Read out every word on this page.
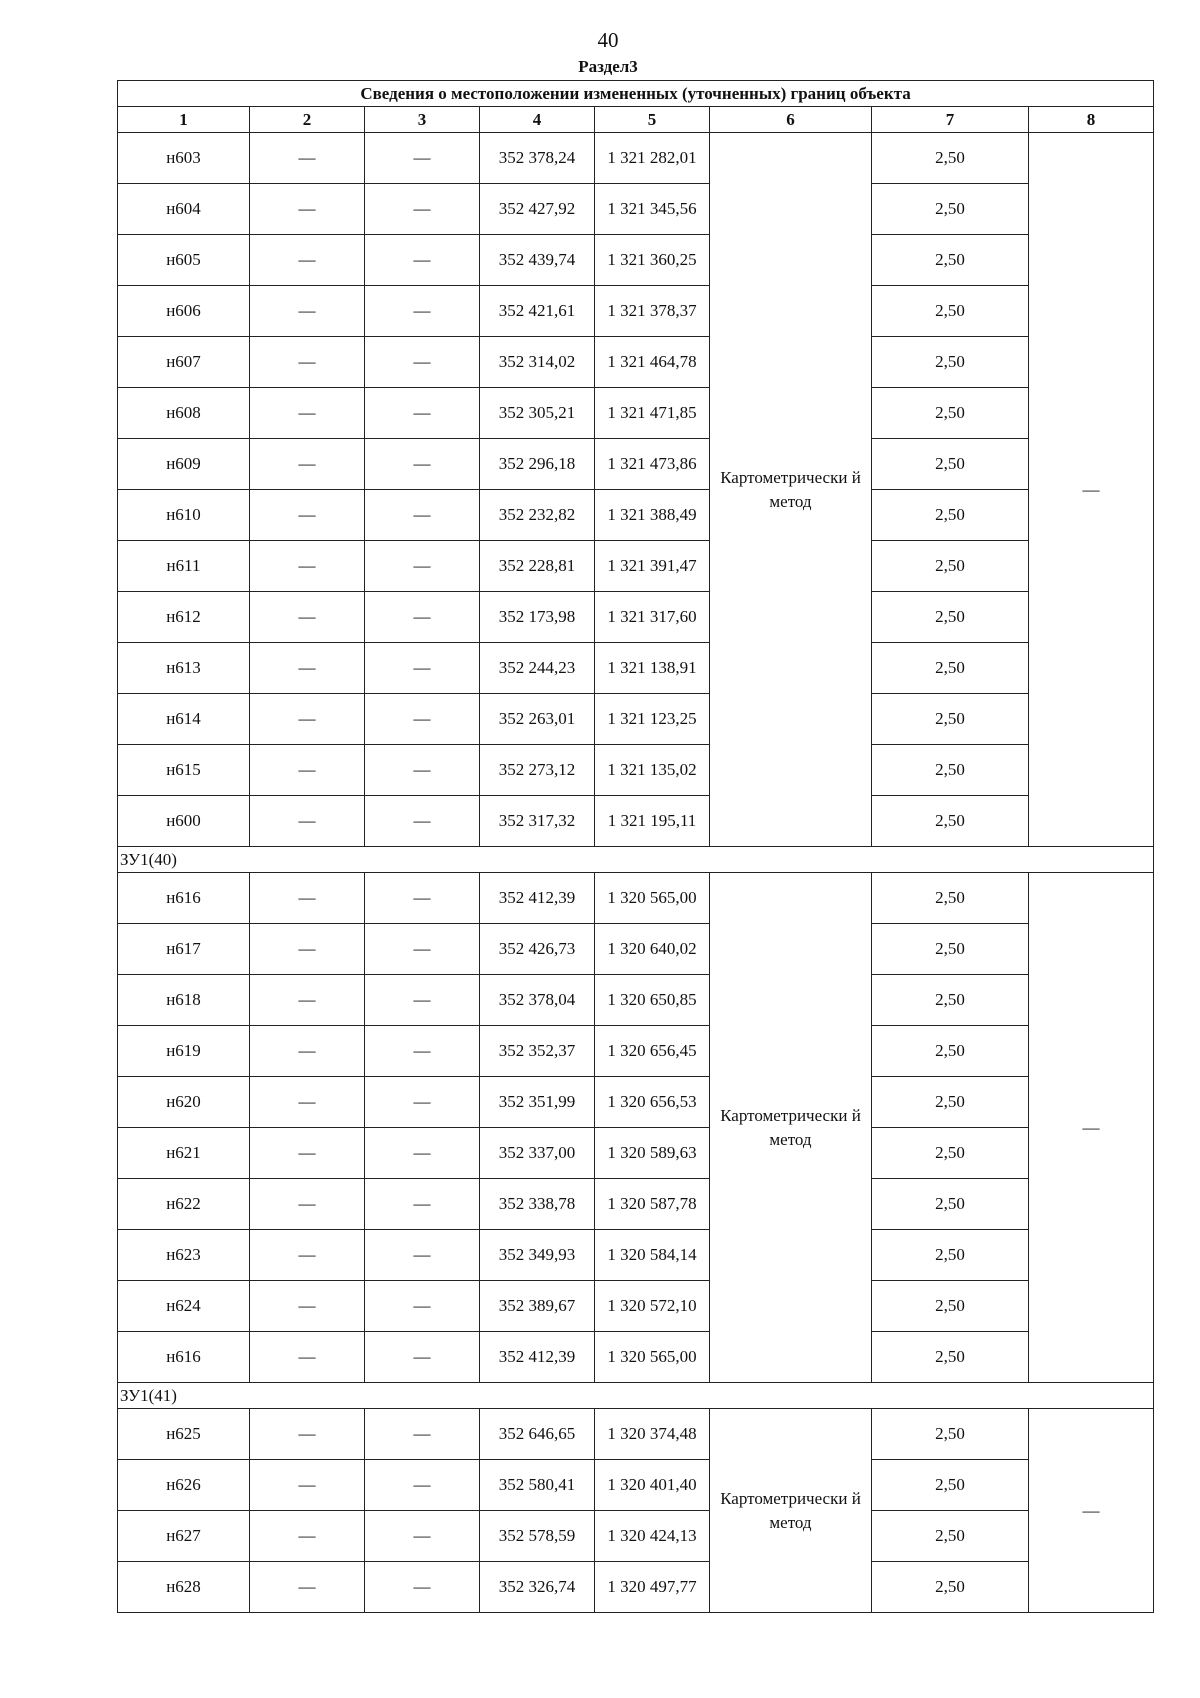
40
Раздел3
Сведения о местоположении измененных (уточненных) границ объекта							
1	2	3	4	5	6	7	8
н603	—	—	352 378,24	1 321 282,01	Картометрически й метод	2,50	—
н604	—	—	352 427,92	1 321 345,56		2,50	
н605	—	—	352 439,74	1 321 360,25		2,50	
н606	—	—	352 421,61	1 321 378,37		2,50	
н607	—	—	352 314,02	1 321 464,78		2,50	
н608	—	—	352 305,21	1 321 471,85		2,50	
н609	—	—	352 296,18	1 321 473,86		2,50	
н610	—	—	352 232,82	1 321 388,49		2,50	
н611	—	—	352 228,81	1 321 391,47		2,50	
н612	—	—	352 173,98	1 321 317,60		2,50	
н613	—	—	352 244,23	1 321 138,91		2,50	
н614	—	—	352 263,01	1 321 123,25		2,50	
н615	—	—	352 273,12	1 321 135,02		2,50	
н600	—	—	352 317,32	1 321 195,11		2,50	
ЗУ1(40)							
н616	—	—	352 412,39	1 320 565,00	Картометрически й метод	2,50	—
н617	—	—	352 426,73	1 320 640,02		2,50	
н618	—	—	352 378,04	1 320 650,85		2,50	
н619	—	—	352 352,37	1 320 656,45		2,50	
н620	—	—	352 351,99	1 320 656,53		2,50	
н621	—	—	352 337,00	1 320 589,63		2,50	
н622	—	—	352 338,78	1 320 587,78		2,50	
н623	—	—	352 349,93	1 320 584,14		2,50	
н624	—	—	352 389,67	1 320 572,10		2,50	
н616	—	—	352 412,39	1 320 565,00		2,50	
ЗУ1(41)							
н625	—	—	352 646,65	1 320 374,48	Картометрически й метод	2,50	—
н626	—	—	352 580,41	1 320 401,40		2,50	
н627	—	—	352 578,59	1 320 424,13		2,50	
н628	—	—	352 326,74	1 320 497,77		2,50	
